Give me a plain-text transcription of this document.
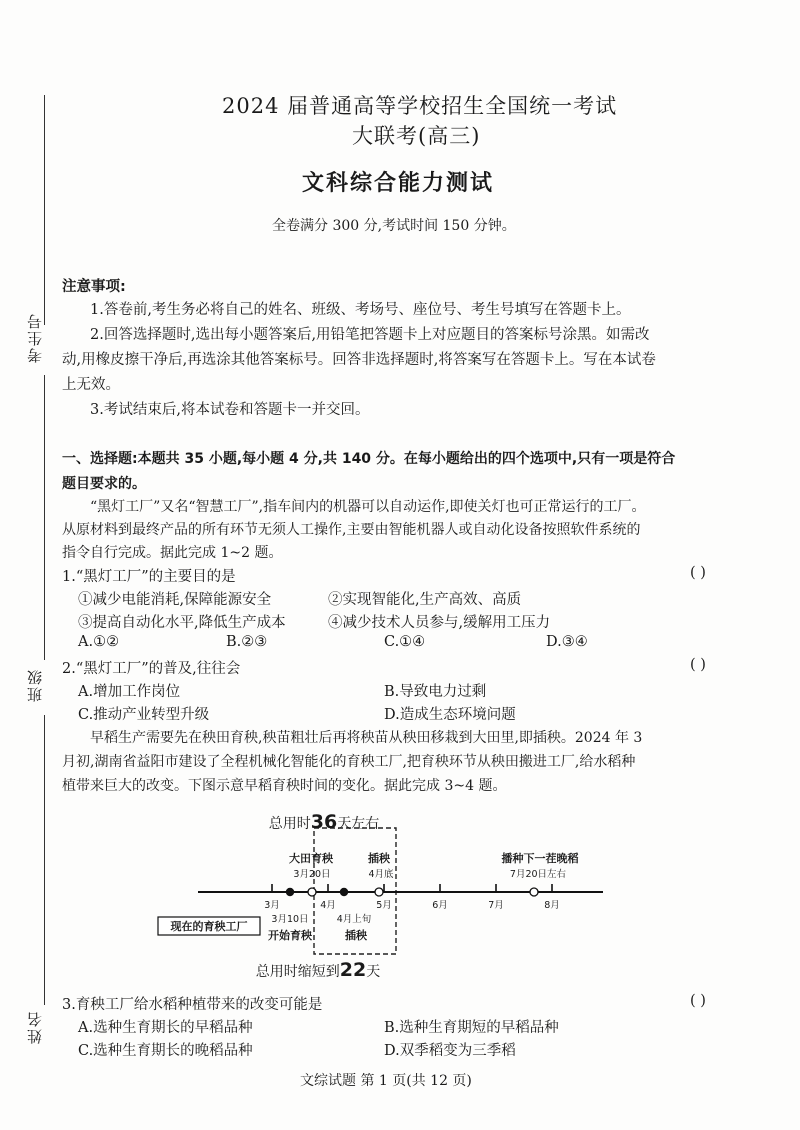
考生号
班级
姓名
2024 届普通高等学校招生全国统一考试
大联考(高三)
文科综合能力测试
全卷满分 300 分,考试时间 150 分钟。
注意事项:
1.答卷前,考生务必将自己的姓名、班级、考场号、座位号、考生号填写在答题卡上。
2.回答选择题时,选出每小题答案后,用铅笔把答题卡上对应题目的答案标号涂黑。如需改
动,用橡皮擦干净后,再选涂其他答案标号。回答非选择题时,将答案写在答题卡上。写在本试卷
上无效。
3.考试结束后,将本试卷和答题卡一并交回。
一、选择题:本题共 35 小题,每小题 4 分,共 140 分。在每小题给出的四个选项中,只有一项是符合
题目要求的。
“黑灯工厂”又名“智慧工厂”,指车间内的机器可以自动运作,即使关灯也可正常运行的工厂。
从原材料到最终产品的所有环节无须人工操作,主要由智能机器人或自动化设备按照软件系统的
指令自行完成。据此完成 1~2 题。
1.“黑灯工厂”的主要目的是	( )
①减少电能消耗,保障能源安全	②实现智能化,生产高效、高质
③提高自动化水平,降低生产成本	④减少技术人员参与,缓解用工压力
A.①②	B.②③	C.①④	D.③④
2.“黑灯工厂”的普及,往往会	( )
A.增加工作岗位	B.导致电力过剩
C.推动产业转型升级	D.造成生态环境问题
早稻生产需要先在秧田育秧,秧苗粗壮后再将秧苗从秧田移栽到大田里,即插秧。2024 年 3
月初,湖南省益阳市建设了全程机械化智能化的育秧工厂,把育秧环节从秧田搬进工厂,给水稻种
植带来巨大的改变。下图示意早稻育秧时间的变化。据此完成 3~4 题。
总用时36天左右
大田育秧
3月20日
插秧
4月底
播种下一茬晚稻
7月20日左右
3月	4月	5月	6月	7月	8月
现在的育秧工厂
3月10日
开始育秧
4月上旬
插秧
总用时缩短到22天
3.育秧工厂给水稻种植带来的改变可能是	( )
A.选种生育期长的早稻品种	B.选种生育期短的早稻品种
C.选种生育期长的晚稻品种	D.双季稻变为三季稻
文综试题 第 1 页(共 12 页)
